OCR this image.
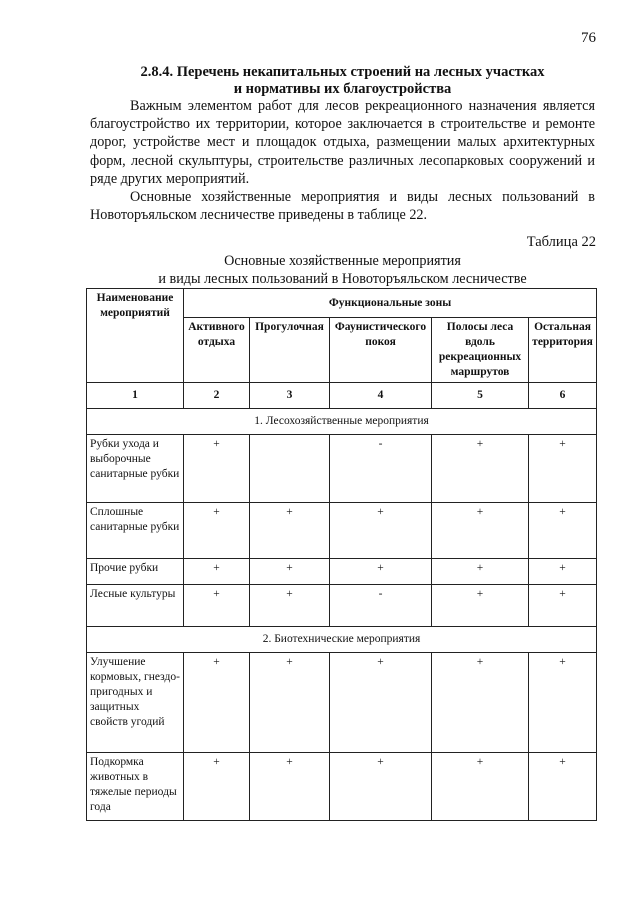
76
2.8.4. Перечень некапитальных строений на лесных участках
и нормативы их благоустройства

Важным элементом работ для лесов рекреационного назначения является благоустройство их территории, которое заключается в строительстве и ремонте дорог, устройстве мест и площадок отдыха, размещении малых архитектурных форм, лесной скульптуры, строительстве различных лесопарковых сооружений и ряде других мероприятий.

Основные хозяйственные мероприятия и виды лесных пользований в Новоторъяльском лесничестве приведены в таблице 22.

Таблица 22
Основные хозяйственные мероприятия
и виды лесных пользований в Новоторъяльском лесничестве
Наименование мероприятий	Функциональные зоны				
	Активного отдыха	Прогулочная	Фаунистического покоя	Полосы леса вдоль рекреационных маршрутов	Остальная территория
1	2	3	4	5	6
1. Лесохозяйственные мероприятия					
Рубки ухода и выборочные санитарные рубки	+		-	+	+
Сплошные санитарные рубки	+	+	+	+	+
Прочие рубки	+	+	+	+	+
Лесные культуры	+	+	-	+	+
2. Биотехнические мероприятия					
Улучшение кормовых, гнездо-пригодных и защитных свойств угодий	+	+	+	+	+
Подкормка животных в тяжелые периоды года	+	+	+	+	+
